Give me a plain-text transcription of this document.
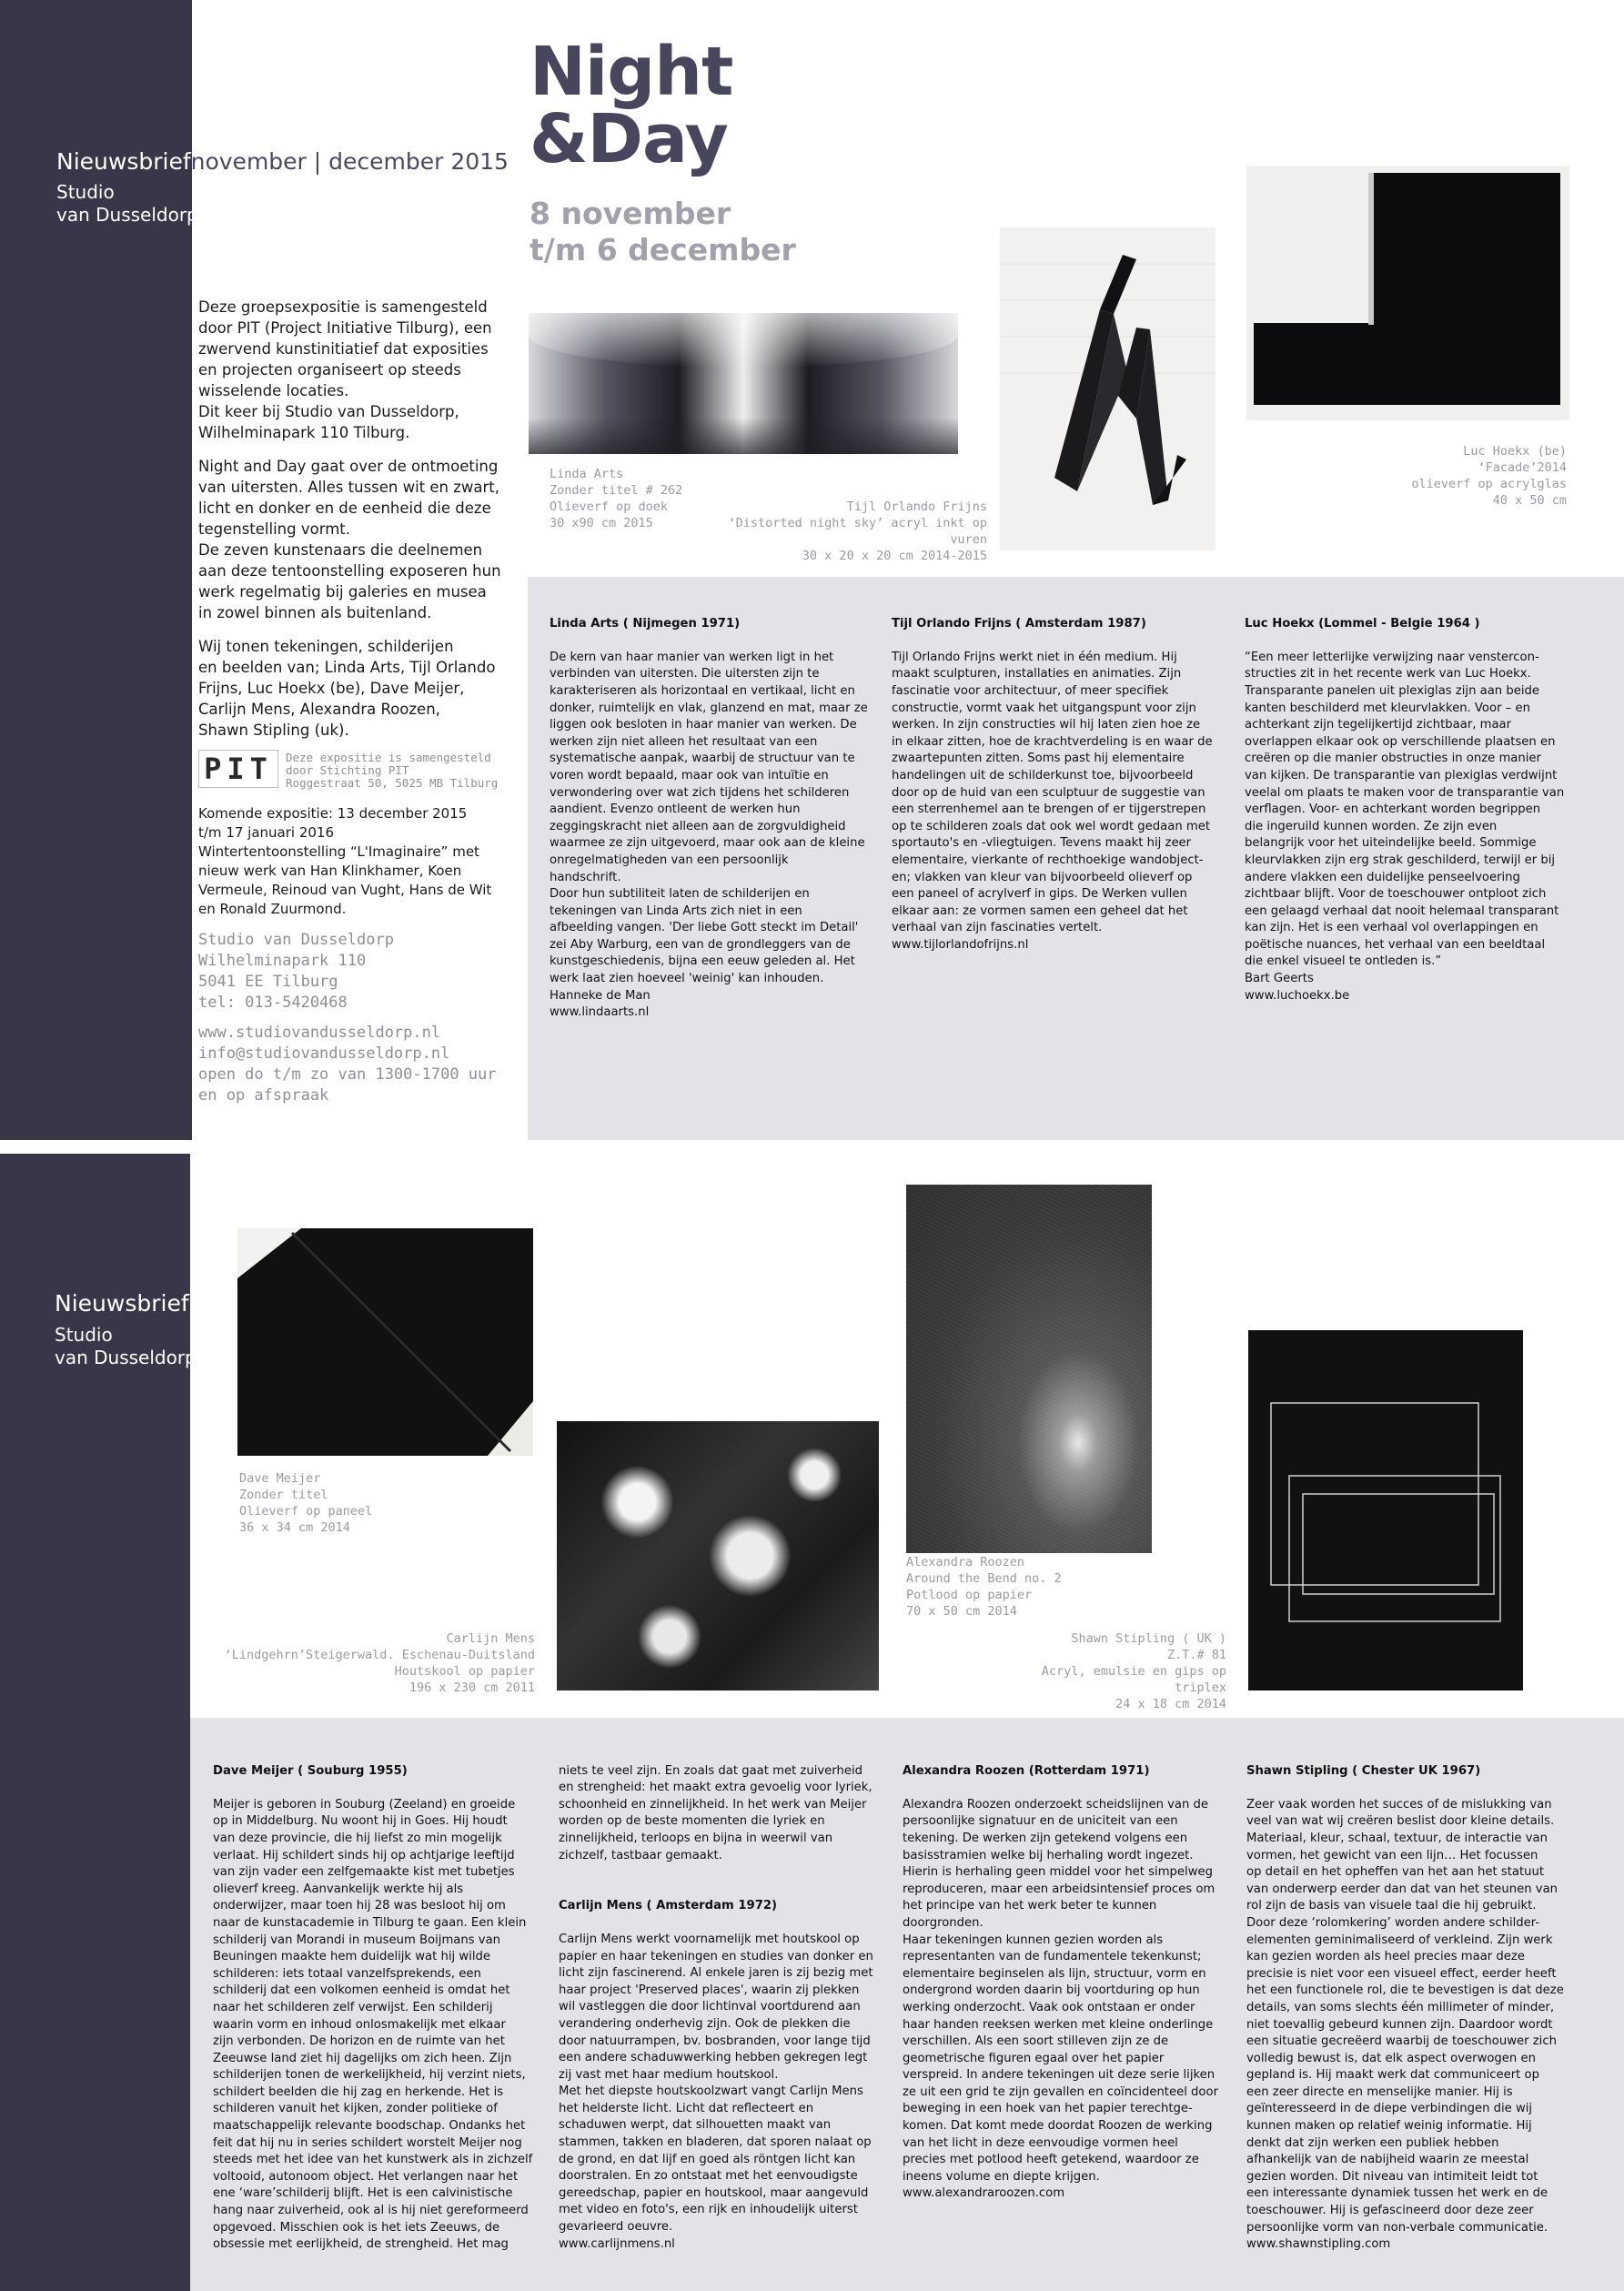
Nieuwsbriefnovember | december 2015
Studio
van Dusseldorp
Night
&Day
8 november
t/m 6 december

Deze groepsexpositie is samengesteld
door PIT (Project Initiative Tilburg), een
zwervend kunstinitiatief dat exposities
en projecten organiseert op steeds
wisselende locaties.
Dit keer bij Studio van Dusseldorp,
Wilhelminapark 110 Tilburg.

Night and Day gaat over de ontmoeting
van uitersten. Alles tussen wit en zwart,
licht en donker en de eenheid die deze
tegenstelling vormt.
De zeven kunstenaars die deelnemen
aan deze tentoonstelling exposeren hun
werk regelmatig bij galeries en musea
in zowel binnen als buitenland.

Wij tonen tekeningen, schilderijen
en beelden van; Linda Arts, Tijl Orlando
Frijns, Luc Hoekx (be), Dave Meijer,
Carlijn Mens, Alexandra Roozen,
Shawn Stipling (uk).

PIT	Deze expositie is samengesteld
door Stichting PIT
Roggestraat 50, 5025 MB Tilburg
Komende expositie: 13 december 2015
t/m 17 januari 2016
Wintertentoonstelling “L'Imaginaire” met
nieuw werk van Han Klinkhamer, Koen
Vermeule, Reinoud van Vught, Hans de Wit
en Ronald Zuurmond.
Studio van Dusseldorp
Wilhelminapark 110
5041 EE Tilburg
tel: 013-5420468
www.studiovandusseldorp.nl
info@studiovandusseldorp.nl
open do t/m zo van 1300-1700 uur
en op afspraak
Linda Arts
Zonder titel # 262
Olieverf op doek
30 x90 cm 2015
Tijl Orlando Frijns
‘Distorted night sky’ acryl inkt op vuren
30 x 20 x 20 cm 2014-2015
Luc Hoekx (be)
‘Facade’2014
olieverf op acrylglas
40 x 50 cm

Linda Arts ( Nijmegen 1971)

De kern van haar manier van werken ligt in het
verbinden van uitersten. Die uitersten zijn te
karakteriseren als horizontaal en vertikaal, licht en
donker, ruimtelijk en vlak, glanzend en mat, maar ze
liggen ook besloten in haar manier van werken. De
werken zijn niet alleen het resultaat van een
systematische aanpak, waarbij de structuur van te
voren wordt bepaald, maar ook van intuïtie en
verwondering over wat zich tijdens het schilderen
aandient. Evenzo ontleent de werken hun
zeggingskracht niet alleen aan de zorgvuldigheid
waarmee ze zijn uitgevoerd, maar ook aan de kleine
onregelmatigheden van een persoonlijk
handschrift.
Door hun subtiliteit laten de schilderijen en
tekeningen van Linda Arts zich niet in een
afbeelding vangen. 'Der liebe Gott steckt im Detail'
zei Aby Warburg, een van de grondleggers van de
kunstgeschiedenis, bijna een eeuw geleden al. Het
werk laat zien hoeveel 'weinig' kan inhouden.
Hanneke de Man
www.lindaarts.nl

Tijl Orlando Frijns ( Amsterdam 1987)

Tijl Orlando Frijns werkt niet in één medium. Hij
maakt sculpturen, installaties en animaties. Zijn
fascinatie voor architectuur, of meer specifiek
constructie, vormt vaak het uitgangspunt voor zijn
werken. In zijn constructies wil hij laten zien hoe ze
in elkaar zitten, hoe de krachtverdeling is en waar de
zwaartepunten zitten. Soms past hij elementaire
handelingen uit de schilderkunst toe, bijvoorbeeld
door op de huid van een sculptuur de suggestie van
een sterrenhemel aan te brengen of er tijgerstrepen
op te schilderen zoals dat ook wel wordt gedaan met
sportauto's en -vliegtuigen. Tevens maakt hij zeer
elementaire, vierkante of rechthoekige wandobject-
en; vlakken van kleur van bijvoorbeeld olieverf op
een paneel of acrylverf in gips. De Werken vullen
elkaar aan: ze vormen samen een geheel dat het
verhaal van zijn fascinaties vertelt.
www.tijlorlandofrijns.nl

Luc Hoekx (Lommel - Belgie 1964 )

“Een meer letterlijke verwijzing naar venstercon-
structies zit in het recente werk van Luc Hoekx.
Transparante panelen uit plexiglas zijn aan beide
kanten beschilderd met kleurvlakken. Voor – en
achterkant zijn tegelijkertijd zichtbaar, maar
overlappen elkaar ook op verschillende plaatsen en
creëren op die manier obstructies in onze manier
van kijken. De transparantie van plexiglas verdwijnt
veelal om plaats te maken voor de transparantie van
verflagen. Voor- en achterkant worden begrippen
die ingeruild kunnen worden. Ze zijn even
belangrijk voor het uiteindelijke beeld. Sommige
kleurvlakken zijn erg strak geschilderd, terwijl er bij
andere vlakken een duidelijke penseelvoering
zichtbaar blijft. Voor de toeschouwer ontploot zich
een gelaagd verhaal dat nooit helemaal transparant
kan zijn. Het is een verhaal vol overlappingen en
poëtische nuances, het verhaal van een beeldtaal
die enkel visueel te ontleden is.”
Bart Geerts
www.luchoekx.be

Nieuwsbrief
Studio
van Dusseldorp
Dave Meijer
Zonder titel
Olieverf op paneel
36 x 34 cm 2014
Carlijn Mens
‘Lindgehrn’Steigerwald. Eschenau-Duitsland
Houtskool op papier
196 x 230 cm 2011
Alexandra Roozen
Around the Bend no. 2
Potlood op papier
70 x 50 cm 2014
Shawn Stipling ( UK )
Z.T.# 81
Acryl, emulsie en gips op triplex
24 x 18 cm 2014

Dave Meijer ( Souburg 1955)

Meijer is geboren in Souburg (Zeeland) en groeide
op in Middelburg. Nu woont hij in Goes. Hij houdt
van deze provincie, die hij liefst zo min mogelijk
verlaat. Hij schildert sinds hij op achtjarige leeftijd
van zijn vader een zelfgemaakte kist met tubetjes
olieverf kreeg. Aanvankelijk werkte hij als
onderwijzer, maar toen hij 28 was besloot hij om
naar de kunstacademie in Tilburg te gaan. Een klein
schilderij van Morandi in museum Boijmans van
Beuningen maakte hem duidelijk wat hij wilde
schilderen: iets totaal vanzelfsprekends, een
schilderij dat een volkomen eenheid is omdat het
naar het schilderen zelf verwijst. Een schilderij
waarin vorm en inhoud onlosmakelijk met elkaar
zijn verbonden. De horizon en de ruimte van het
Zeeuwse land ziet hij dagelijks om zich heen. Zijn
schilderijen tonen de werkelijkheid, hij verzint niets,
schildert beelden die hij zag en herkende. Het is
schilderen vanuit het kijken, zonder politieke of
maatschappelijk relevante boodschap. Ondanks het
feit dat hij nu in series schildert worstelt Meijer nog
steeds met het idee van het kunstwerk als in zichzelf
voltooid, autonoom object. Het verlangen naar het
ene ‘ware’schilderij blijft. Het is een calvinistische
hang naar zuiverheid, ook al is hij niet gereformeerd
opgevoed. Misschien ook is het iets Zeeuws, de
obsessie met eerlijkheid, de strengheid. Het mag

niets te veel zijn. En zoals dat gaat met zuiverheid
en strengheid: het maakt extra gevoelig voor lyriek,
schoonheid en zinnelijkheid. In het werk van Meijer
worden op de beste momenten die lyriek en
zinnelijkheid, terloops en bijna in weerwil van
zichzelf, tastbaar gemaakt.

Carlijn Mens ( Amsterdam 1972)

Carlijn Mens werkt voornamelijk met houtskool op
papier en haar tekeningen en studies van donker en
licht zijn fascinerend. Al enkele jaren is zij bezig met
haar project 'Preserved places', waarin zij plekken
wil vastleggen die door lichtinval voortdurend aan
verandering onderhevig zijn. Ook de plekken die
door natuurrampen, bv. bosbranden, voor lange tijd
een andere schaduwwerking hebben gekregen legt
zij vast met haar medium houtskool.
Met het diepste houtskoolzwart vangt Carlijn Mens
het helderste licht. Licht dat reflecteert en
schaduwen werpt, dat silhouetten maakt van
stammen, takken en bladeren, dat sporen nalaat op
de grond, en dat lijf en goed als röntgen licht kan
doorstralen. En zo ontstaat met het eenvoudigste
gereedschap, papier en houtskool, maar aangevuld
met video en foto's, een rijk en inhoudelijk uiterst
gevarieerd oeuvre.
www.carlijnmens.nl

Alexandra Roozen (Rotterdam 1971)

Alexandra Roozen onderzoekt scheidslijnen van de
persoonlijke signatuur en de uniciteit van een
tekening. De werken zijn getekend volgens een
basisstramien welke bij herhaling wordt ingezet.
Hierin is herhaling geen middel voor het simpelweg
reproduceren, maar een arbeidsintensief proces om
het principe van het werk beter te kunnen
doorgronden.
Haar tekeningen kunnen gezien worden als
representanten van de fundamentele tekenkunst;
elementaire beginselen als lijn, structuur, vorm en
ondergrond worden daarin bij voortduring op hun
werking onderzocht. Vaak ook ontstaan er onder
haar handen reeksen werken met kleine onderlinge
verschillen. Als een soort stilleven zijn ze de
geometrische figuren egaal over het papier
verspreid. In andere tekeningen uit deze serie lijken
ze uit een grid te zijn gevallen en coïncidenteel door
beweging in een hoek van het papier terechtge-
komen. Dat komt mede doordat Roozen de werking
van het licht in deze eenvoudige vormen heel
precies met potlood heeft getekend, waardoor ze
ineens volume en diepte krijgen.
www.alexandraroozen.com

Shawn Stipling ( Chester UK 1967)

Zeer vaak worden het succes of de mislukking van
veel van wat wij creëren beslist door kleine details.
Materiaal, kleur, schaal, textuur, de interactie van
vormen, het gewicht van een lijn… Het focussen
op detail en het opheffen van het aan het statuut
van onderwerp eerder dan dat van het steunen van
rol zijn de basis van visuele taal die hij gebruikt.
Door deze ‘rolomkering’ worden andere schilder-
elementen geminimaliseerd of verkleind. Zijn werk
kan gezien worden als heel precies maar deze
precisie is niet voor een visueel effect, eerder heeft
het een functionele rol, die te bevestigen is dat deze
details, van soms slechts één millimeter of minder,
niet toevallig gebeurd kunnen zijn. Daardoor wordt
een situatie gecreëerd waarbij de toeschouwer zich
volledig bewust is, dat elk aspect overwogen en
gepland is. Hij maakt werk dat communiceert op
een zeer directe en menselijke manier. Hij is
geïnteresseerd in de diepe verbindingen die wij
kunnen maken op relatief weinig informatie. Hij
denkt dat zijn werken een publiek hebben
afhankelijk van de nabijheid waarin ze meestal
gezien worden. Dit niveau van intimiteit leidt tot
een interessante dynamiek tussen het werk en de
toeschouwer. Hij is gefascineerd door deze zeer
persoonlijke vorm van non-verbale communicatie.
www.shawnstipling.com
